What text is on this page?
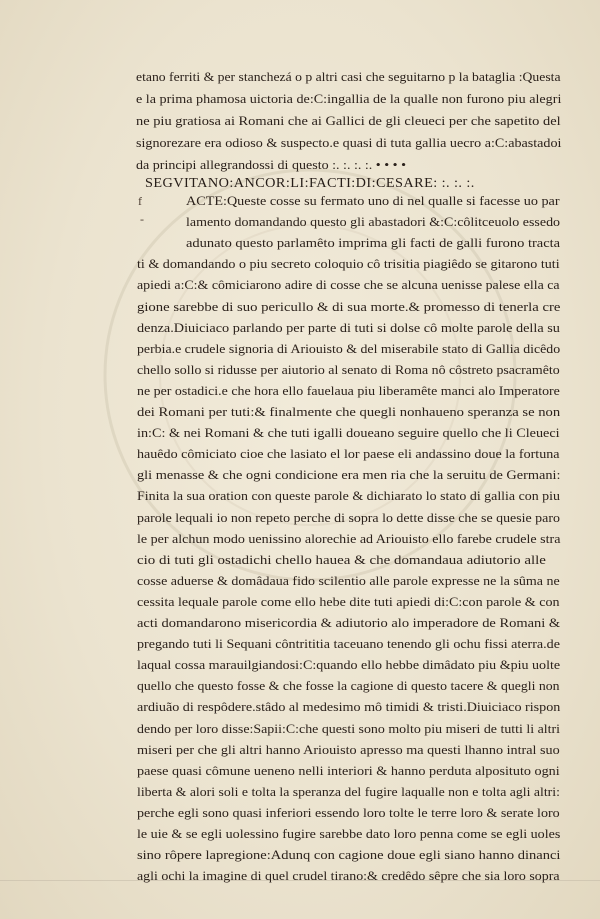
etano ferriti & per stanchezá o p altri casi che seguitarno p la bataglia :Questa
e la prima phamosa uictoria de:C:ingallia de la qualle non furono piu alegri
ne piu gratiosa ai Romani che ai Gallici de gli cleueci per che sapetito del
signorezare era odioso & suspecto.e quasi di tuta gallia uecro a:C:abastadoi
da principi allegrandossi di questo :. :. :. :. • • • •
SEGVITANO:ANCOR:LI:FACTI:DI:CESARE: :. :. :.
f
-
ACTE:Queste cosse su fermato uno di nel qualle si facesse uo par
lamento domandando questo gli abastadori &:C:côlitceuolo essedo
adunato questo parlamêto imprima gli facti de galli furono tracta
ti & domandando o piu secreto coloquio cô trisitia piagiêdo se gitarono tuti
apiedi a:C:& cômiciarono adire di cosse che se alcuna uenisse palese ella ca
gione sarebbe di suo pericullo & di sua morte.& promesso di tenerla cre
denza.Diuiciaco parlando per parte di tuti si dolse cô molte parole della su
perbia.e crudele signoria di Ariouisto & del miserabile stato di Gallia dicêdo
chello sollo si ridusse per aiutorio al senato di Roma nô côstreto psacramêto
ne per ostadici.e che hora ello fauelaua piu liberamête manci alo Imperatore
dei Romani per tuti:& finalmente che quegli nonhaueno speranza se non
in:C: & nei Romani & che tuti igalli doueano seguire quello che li Cleueci
hauêdo cômiciato cioe che lasiato el lor paese eli andassino doue la fortuna
gli menasse & che ogni condicione era men ria che la seruitu de Germani:
Finita la sua oration con queste parole & dichiarato lo stato di gallia con piu
parole lequali io non repeto perche di sopra lo dette disse che se quesie paro
le per alchun modo uenissino alorechie ad Ariouisto ello farebe crudele stra
cio di tuti gli ostadichi chello hauea & che domandaua adiutorio alle
cosse aduerse & domâdaua fido scilentio alle parole expresse ne la sûma ne
cessita lequale parole come ello hebe dite tuti apiedi di:C:con parole & con
acti domandarono misericordia & adiutorio alo imperadore de Romani &
pregando tuti li Sequani côntrititia taceuano tenendo gli ochu fissi aterra.de
laqual cossa marauilgiandosi:C:quando ello hebbe dimâdato piu &piu uolte
quello che questo fosse & che fosse la cagione di questo tacere & quegli non
ardiuão di respôdere.stâdo al medesimo mô timidi & tristi.Diuiciaco rispon
dendo per loro disse:Sapii:C:che questi sono molto piu miseri de tutti li altri
miseri per che gli altri hanno Ariouisto apresso ma questi lhanno intral suo
paese quasi cômune ueneno nelli interiori & hanno perduta alposituto ogni
liberta & alori soli e tolta la speranza del fugire laqualle non e tolta agli altri:
perche egli sono quasi inferiori essendo loro tolte le terre loro & serate loro
le uie & se egli uolessino fugire sarebbe dato loro penna come se egli uoles
sino rôpere lapregione:Adunq con cagione doue egli siano hanno dinanci
agli ochi la imagine di quel crudel tirano:& credêdo sêpre che sia loro sopra
